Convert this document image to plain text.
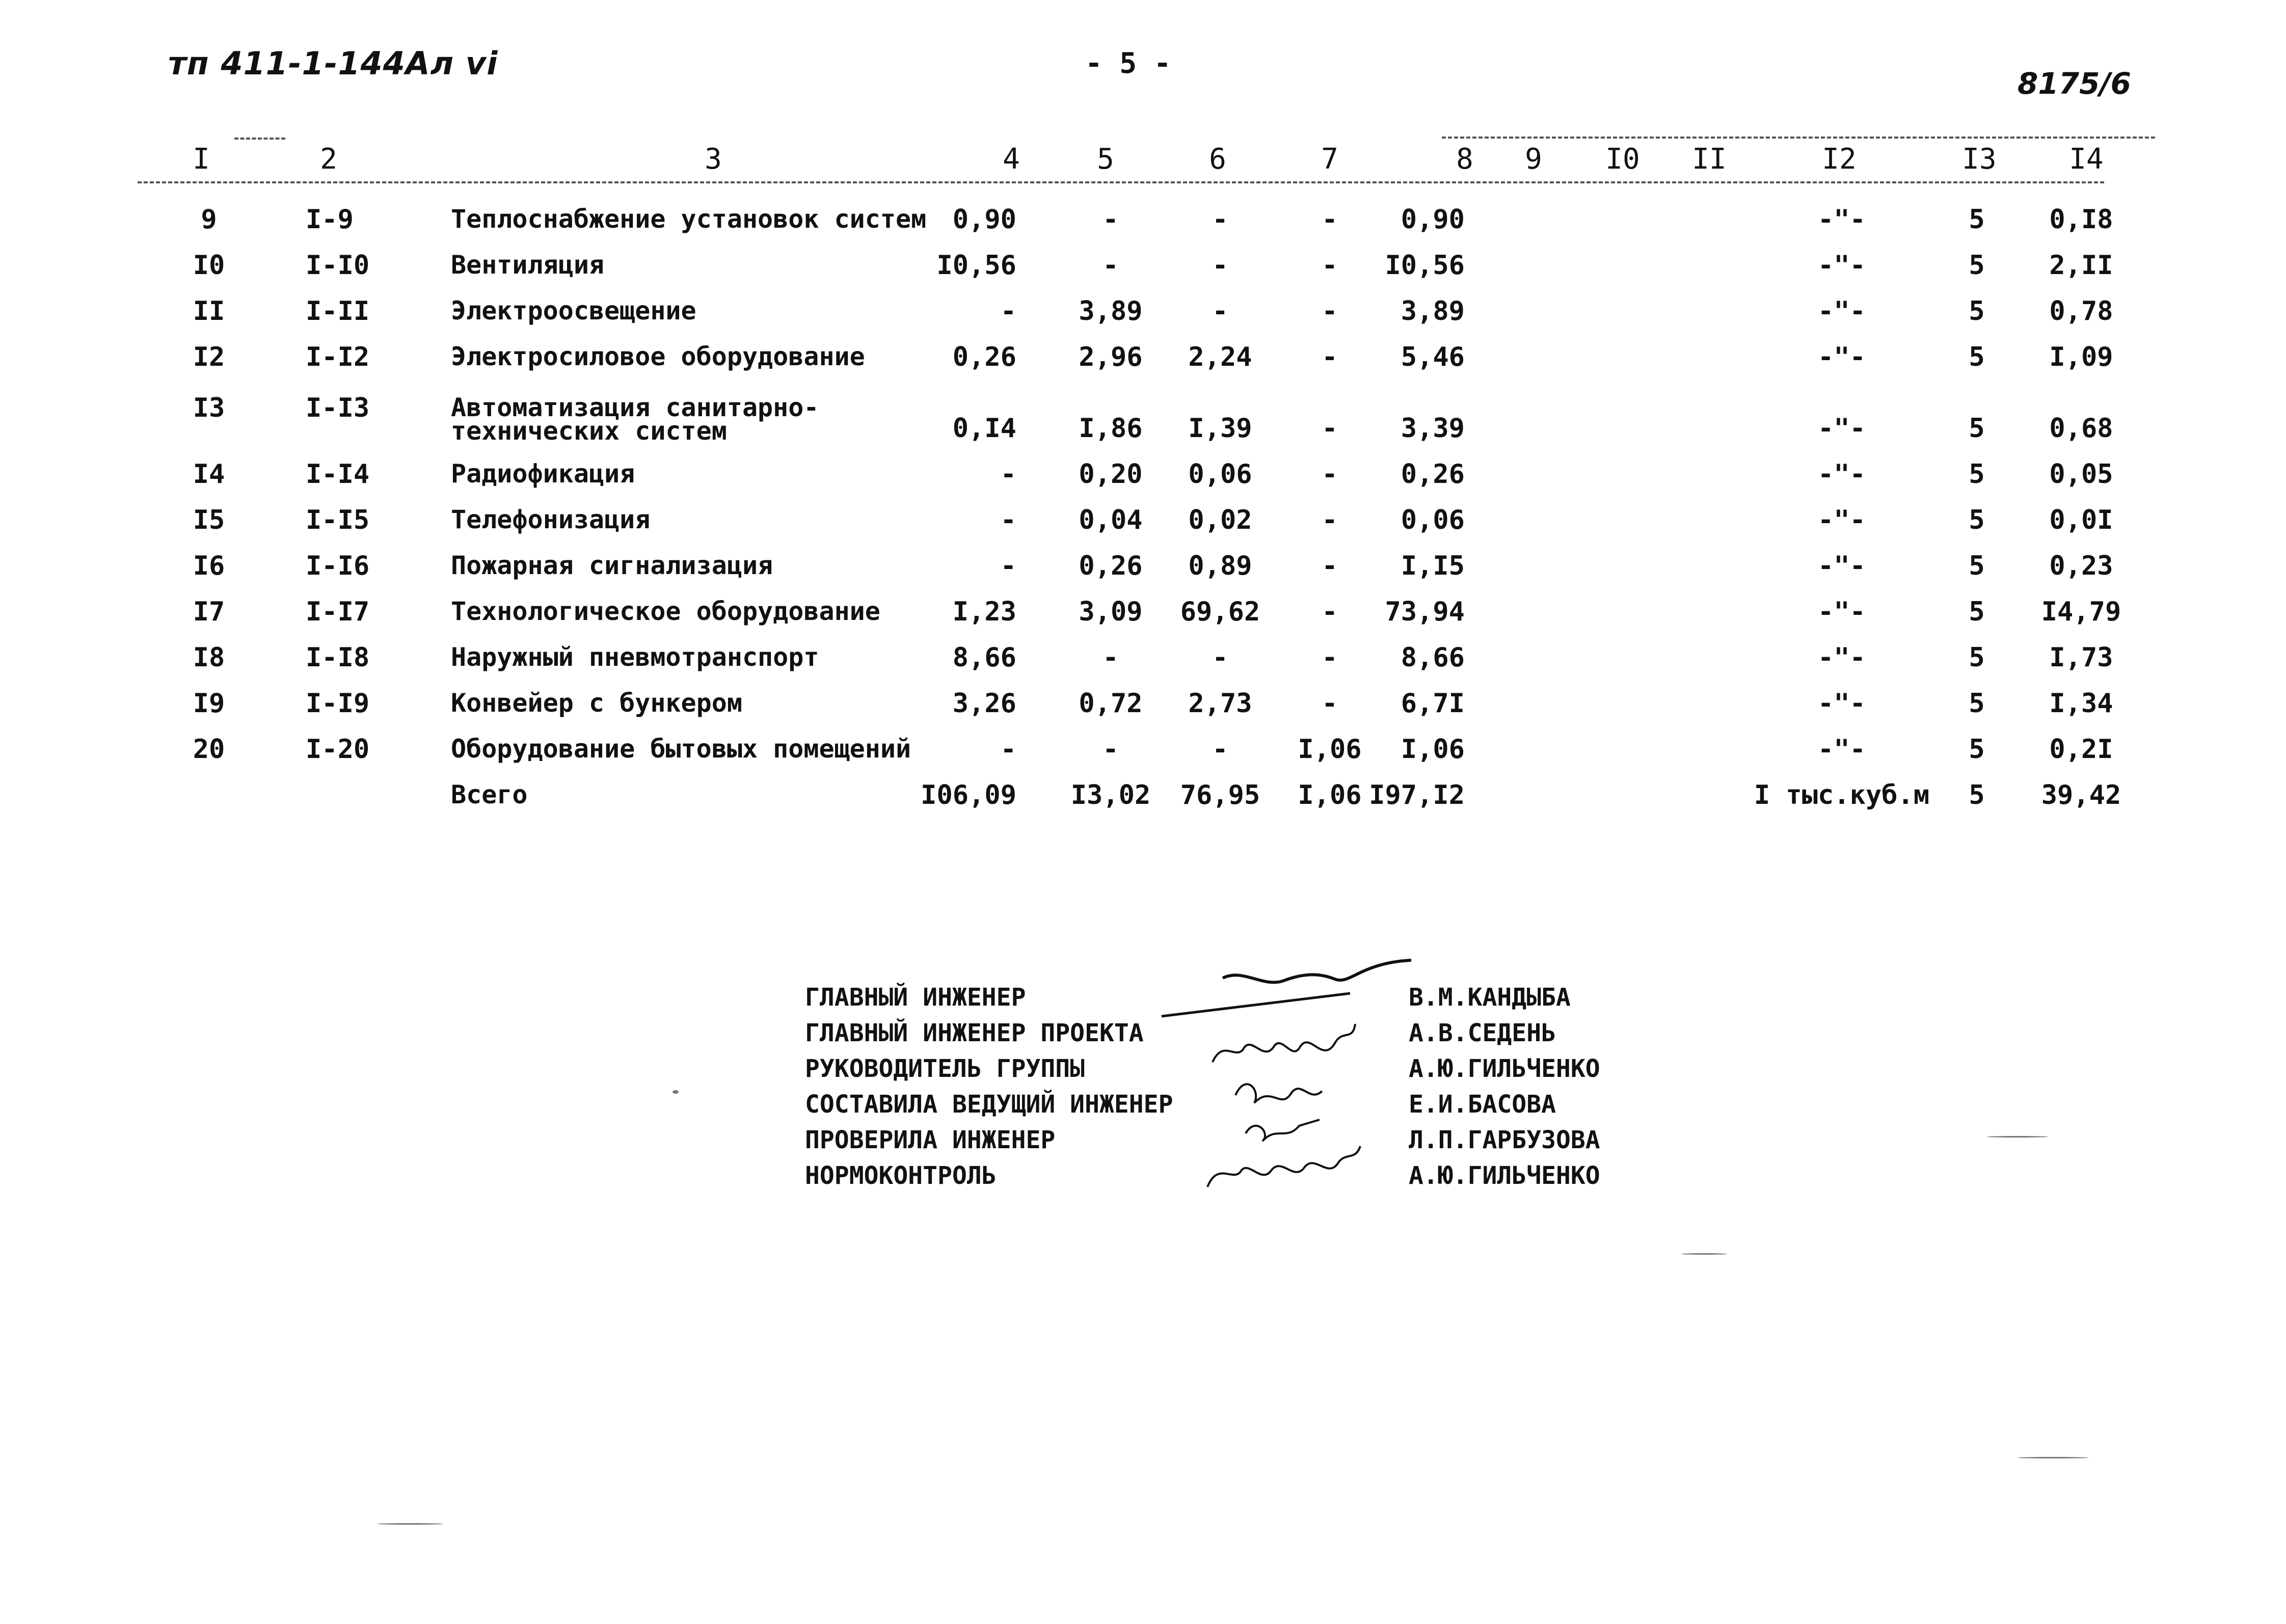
тп 411-1-144Ал vi	- 5 -
8175/6
I	2	3	4	5	6	7	8 9 I0 II	I2	I3	I4
9	I-9	Теплоснабжение установок систем 0,90	-	-	- 0,90	-"-	5 0,I8
I0	I-I0	Вентиляция	I0,56	-	-	- I0,56	-"-	5 2,II
II	I-II	Электроосвещение	- 3,89	-	- 3,89	-"-	5 0,78
I2	I-I2	Электросиловое оборудование	0,26 2,96 2,24	- 5,46	-"-	5 I,09
I3	I-I3	Автоматизация санитарно-
технических систем	0,I4 I,86 I,39	- 3,39	-"-	5 0,68
I4	I-I4	Радиофикация	- 0,20 0,06	- 0,26	-"-	5 0,05
I5	I-I5	Телефонизация	- 0,04 0,02	- 0,06	-"-	5 0,0I
I6	I-I6	Пожарная сигнализация	- 0,26 0,89	- I,I5	-"-	5 0,23
I7	I-I7	Технологическое оборудование	I,23 3,09 69,62 - 73,94	-"-	5 I4,79
I8	I-I8	Наружный пневмотранспорт	8,66	-	-	- 8,66	-"-	5 I,73
I9	I-I9	Конвейер с бункером	3,26 0,72 2,73	- 6,7I	-"-	5 I,34
20	I-20	Оборудование бытовых помещений	-	-	-	I,06 I,06	-"-	5 0,2I
Всего	I06,09 I3,02 76,95 I,06 I97,I2	I тыс.куб.м 5 39,42
ГЛАВНЫЙ ИНЖЕНЕР	В.М.КАНДЫБА
ГЛАВНЫЙ ИНЖЕНЕР ПРОЕКТА	А.В.СЕДЕНЬ
РУКОВОДИТЕЛЬ ГРУППЫ	А.Ю.ГИЛЬЧЕНКО
СОСТАВИЛА ВЕДУЩИЙ ИНЖЕНЕР	Е.И.БАСОВА
ПРОВЕРИЛА ИНЖЕНЕР	Л.П.ГАРБУЗОВА
НОРМОКОНТРОЛЬ	А.Ю.ГИЛЬЧЕНКО
